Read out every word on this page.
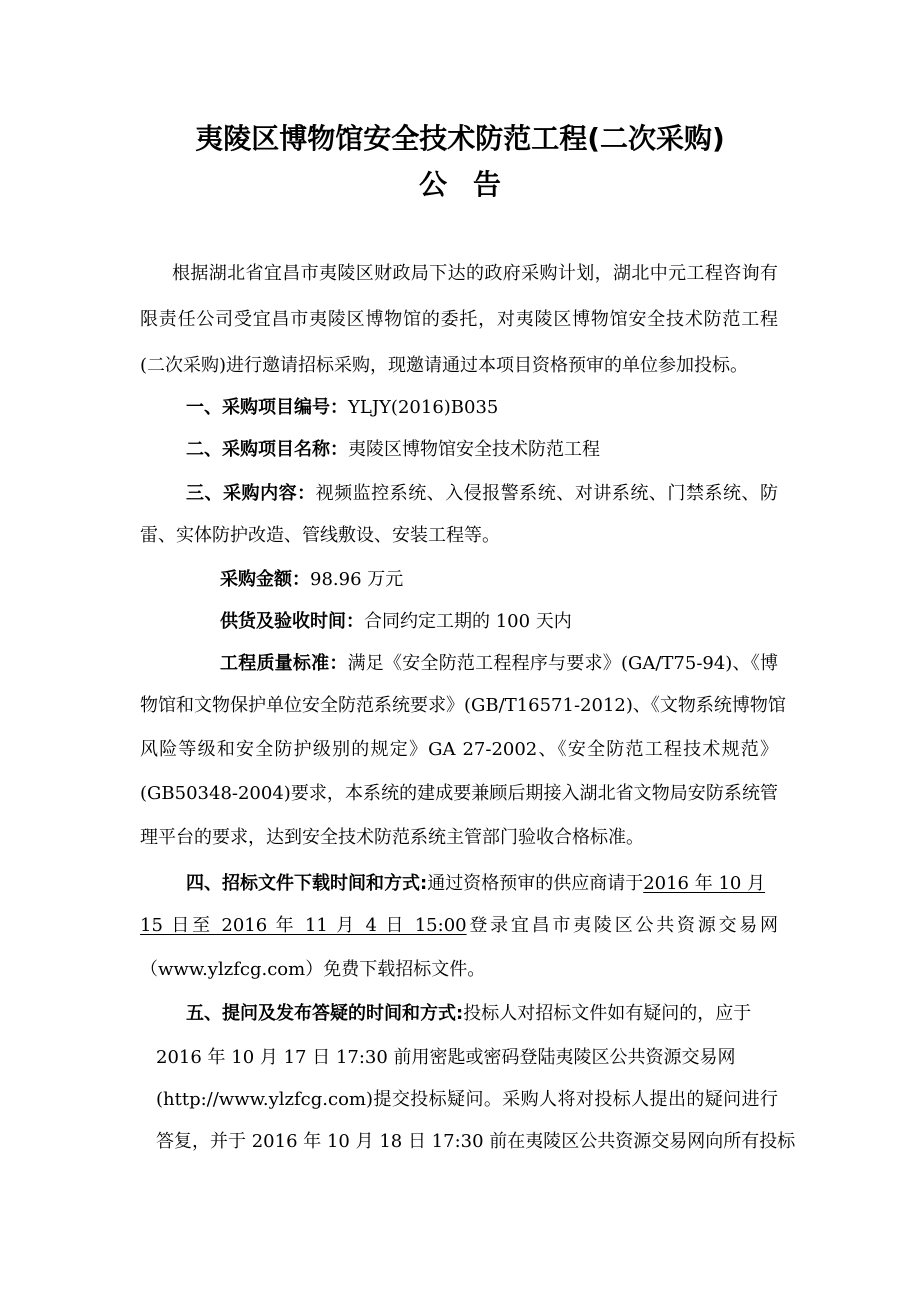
夷陵区博物馆安全技术防范工程(二次采购)
公告
根据湖北省宜昌市夷陵区财政局下达的政府采购计划，湖北中元工程咨询有
限责任公司受宜昌市夷陵区博物馆的委托，对夷陵区博物馆安全技术防范工程
(二次采购)进行邀请招标采购，现邀请通过本项目资格预审的单位参加投标。
一、采购项目编号：YLJY(2016)B035
二、采购项目名称：夷陵区博物馆安全技术防范工程
三、采购内容：视频监控系统、入侵报警系统、对讲系统、门禁系统、防
雷、实体防护改造、管线敷设、安装工程等。
采购金额：98.96 万元
供货及验收时间：合同约定工期的 100 天内
工程质量标准：满足《安全防范工程程序与要求》(GA/T75-94)、《博
物馆和文物保护单位安全防范系统要求》(GB/T16571-2012)、《文物系统博物馆
风险等级和安全防护级别的规定》GA 27-2002、《安全防范工程技术规范》
(GB50348-2004)要求，本系统的建成要兼顾后期接入湖北省文物局安防系统管
理平台的要求，达到安全技术防范系统主管部门验收合格标准。
四、招标文件下载时间和方式:通过资格预审的供应商请于2016 年 10 月
15 日至 2016 年 11 月 4 日 15:00登录宜昌市夷陵区公共资源交易网
（www.ylzfcg.com）免费下载招标文件。
五、提问及发布答疑的时间和方式:投标人对招标文件如有疑问的，应于
2016 年 10 月 17 日 17:30 前用密匙或密码登陆夷陵区公共资源交易网
(http://www.ylzfcg.com)提交投标疑问。采购人将对投标人提出的疑问进行
答复，并于 2016 年 10 月 18 日 17:30 前在夷陵区公共资源交易网向所有投标
